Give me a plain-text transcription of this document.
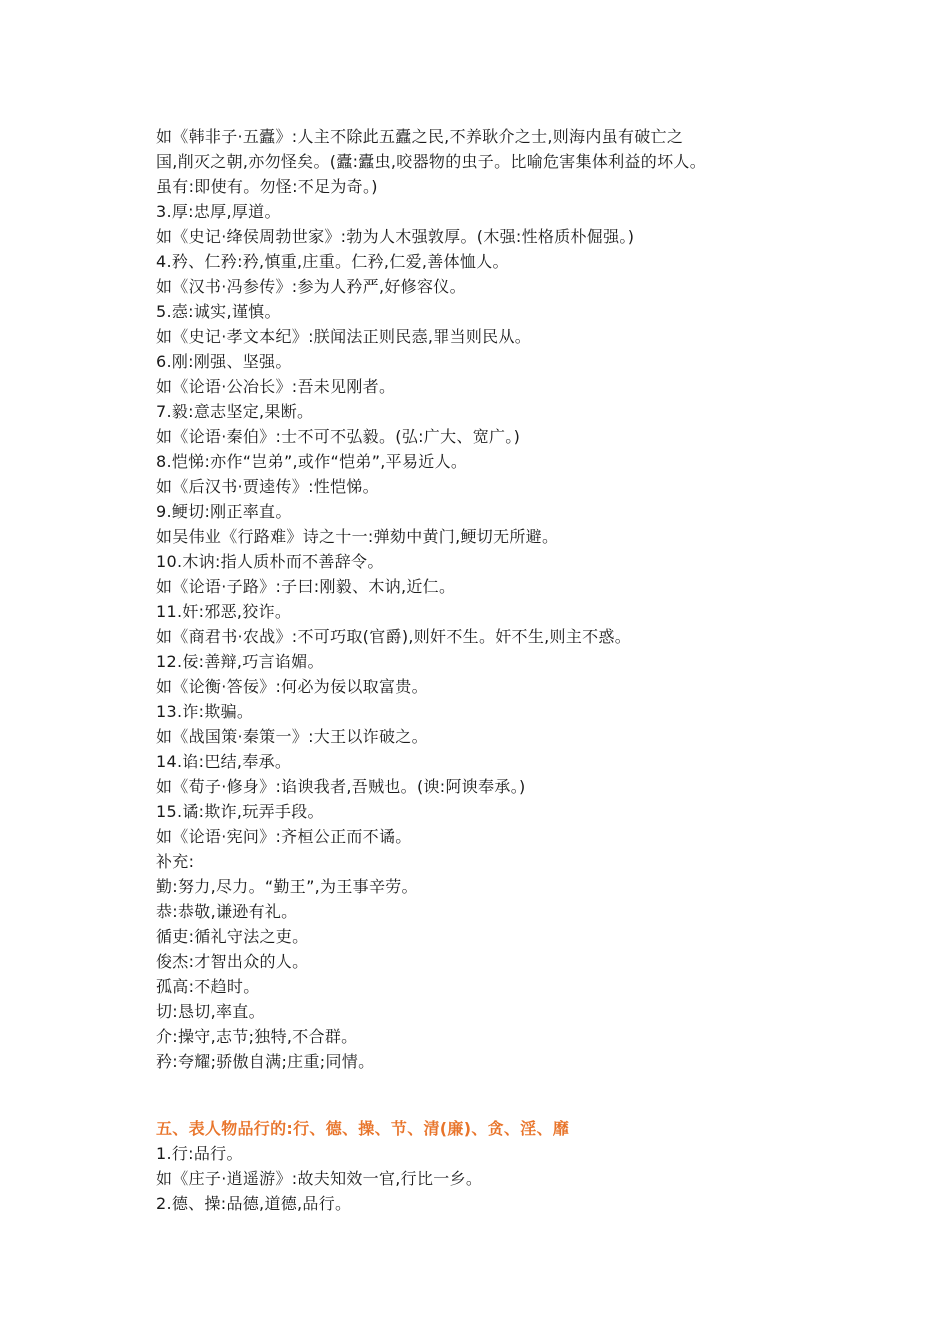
如《韩非子·五蠹》:人主不除此五蠹之民,不养耿介之士,则海内虽有破亡之
国,削灭之朝,亦勿怪矣。(蠹:蠹虫,咬器物的虫子。比喻危害集体利益的坏人。
虽有:即使有。勿怪:不足为奇。)
3.厚:忠厚,厚道。
如《史记·绛侯周勃世家》:勃为人木强敦厚。(木强:性格质朴倔强。)
4.矜、仁矜:矜,慎重,庄重。仁矜,仁爱,善体恤人。
如《汉书·冯参传》:参为人矜严,好修容仪。
5.悫:诚实,谨慎。
如《史记·孝文本纪》:朕闻法正则民悫,罪当则民从。
6.刚:刚强、坚强。
如《论语·公冶长》:吾未见刚者。
7.毅:意志坚定,果断。
如《论语·秦伯》:士不可不弘毅。(弘:广大、宽广。)
8.恺悌:亦作“岂弟”,或作“恺弟”,平易近人。
如《后汉书·贾逵传》:性恺悌。
9.鲠切:刚正率直。
如吴伟业《行路难》诗之十一:弹劾中黄门,鲠切无所避。
10.木讷:指人质朴而不善辞令。
如《论语·子路》:子曰:刚毅、木讷,近仁。
11.奸:邪恶,狡诈。
如《商君书·农战》:不可巧取(官爵),则奸不生。奸不生,则主不惑。
12.佞:善辩,巧言谄媚。
如《论衡·答佞》:何必为佞以取富贵。
13.诈:欺骗。
如《战国策·秦策一》:大王以诈破之。
14.谄:巴结,奉承。
如《荀子·修身》:谄谀我者,吾贼也。(谀:阿谀奉承。)
15.谲:欺诈,玩弄手段。
如《论语·宪问》:齐桓公正而不谲。
补充:
勤:努力,尽力。“勤王”,为王事辛劳。
恭:恭敬,谦逊有礼。
循吏:循礼守法之吏。
俊杰:才智出众的人。
孤高:不趋时。
切:恳切,率直。
介:操守,志节;独特,不合群。
矜:夸耀;骄傲自满;庄重;同情。
五、表人物品行的:行、德、操、节、清(廉)、贪、淫、靡
1.行:品行。
如《庄子·逍遥游》:故夫知效一官,行比一乡。
2.德、操:品德,道德,品行。
